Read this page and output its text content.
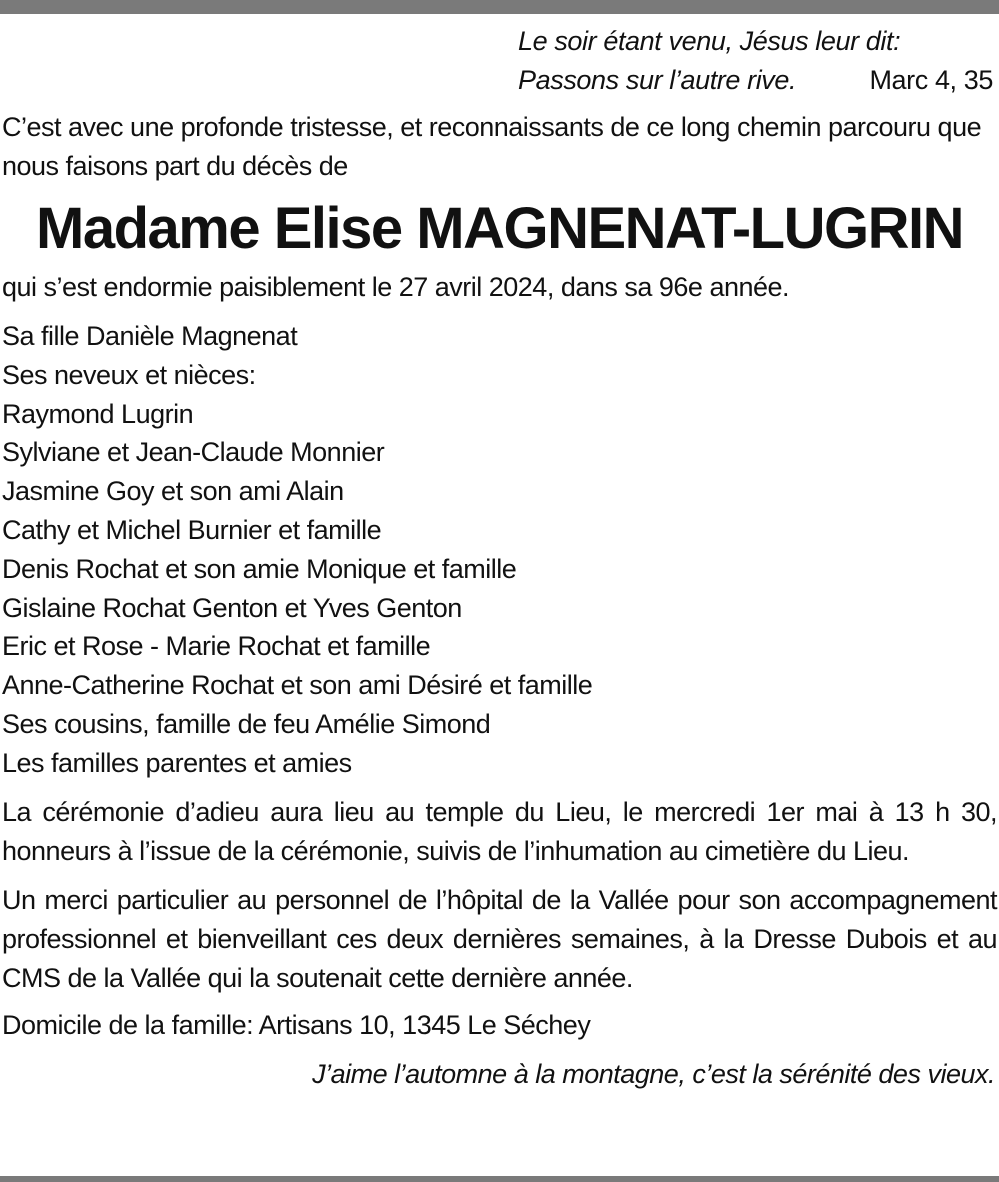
Le soir étant venu, Jésus leur dit:
Passons sur l’autre rive.	Marc 4, 35

C’est avec une profonde tristesse, et reconnaissants de ce long chemin parcouru que nous faisons part du décès de

Madame Elise MAGNENAT-LUGRIN

qui s’est endormie paisiblement le 27 avril 2024, dans sa 96e année.

Sa fille Danièle Magnenat
Ses neveux et nièces:
Raymond Lugrin
Sylviane et Jean-Claude Monnier
Jasmine Goy et son ami Alain
Cathy et Michel Burnier et famille
Denis Rochat et son amie Monique et famille
Gislaine Rochat Genton et Yves Genton
Eric et Rose - Marie Rochat et famille
Anne-Catherine Rochat et son ami Désiré et famille
Ses cousins, famille de feu Amélie Simond
Les familles parentes et amies

La cérémonie d’adieu aura lieu au temple du Lieu, le mercredi 1er mai à 13 h 30, honneurs à l’issue de la cérémonie, suivis de l’inhumation au cimetière du Lieu.

Un merci particulier au personnel de l’hôpital de la Vallée pour son accompagnement professionnel et bienveillant ces deux dernières semaines, à la Dresse Dubois et au CMS de la Vallée qui la soutenait cette dernière année.

Domicile de la famille: Artisans 10, 1345 Le Séchey

J’aime l’automne à la montagne, c’est la sérénité des vieux.
